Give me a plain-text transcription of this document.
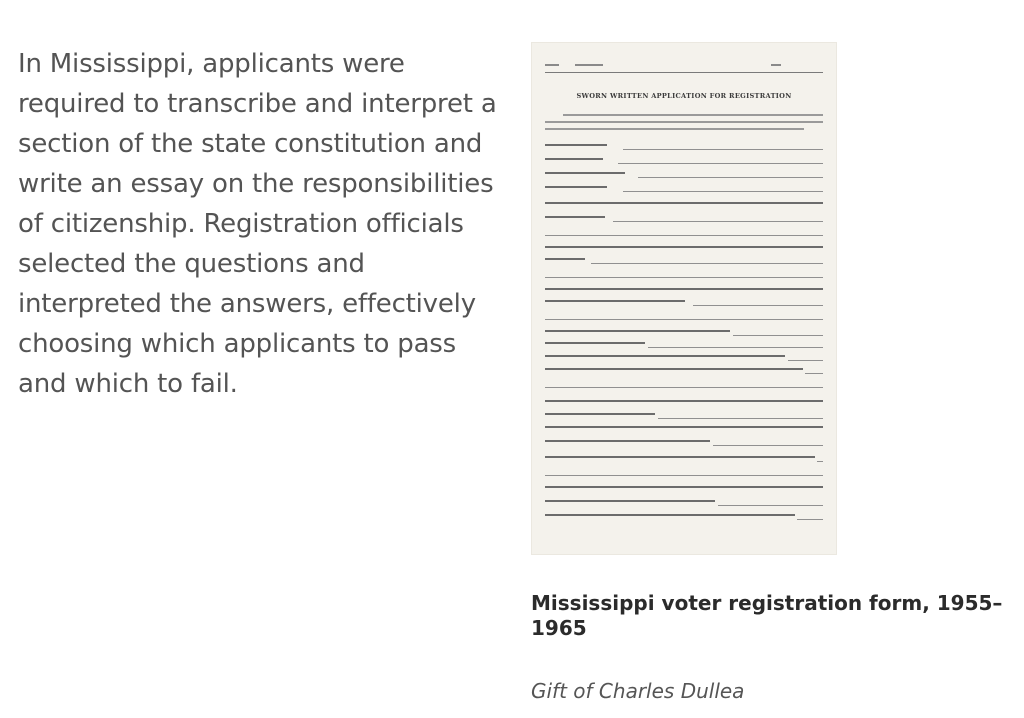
In Mississippi, applicants were required to transcribe and interpret a section of the state constitution and write an essay on the responsibilities of citizenship. Registration officials selected the questions and interpreted the answers, effectively choosing which applicants to pass and which to fail.

SWORN WRITTEN APPLICATION FOR REGISTRATION

Mississippi voter registration form, 1955–1965

Gift of Charles Dullea
